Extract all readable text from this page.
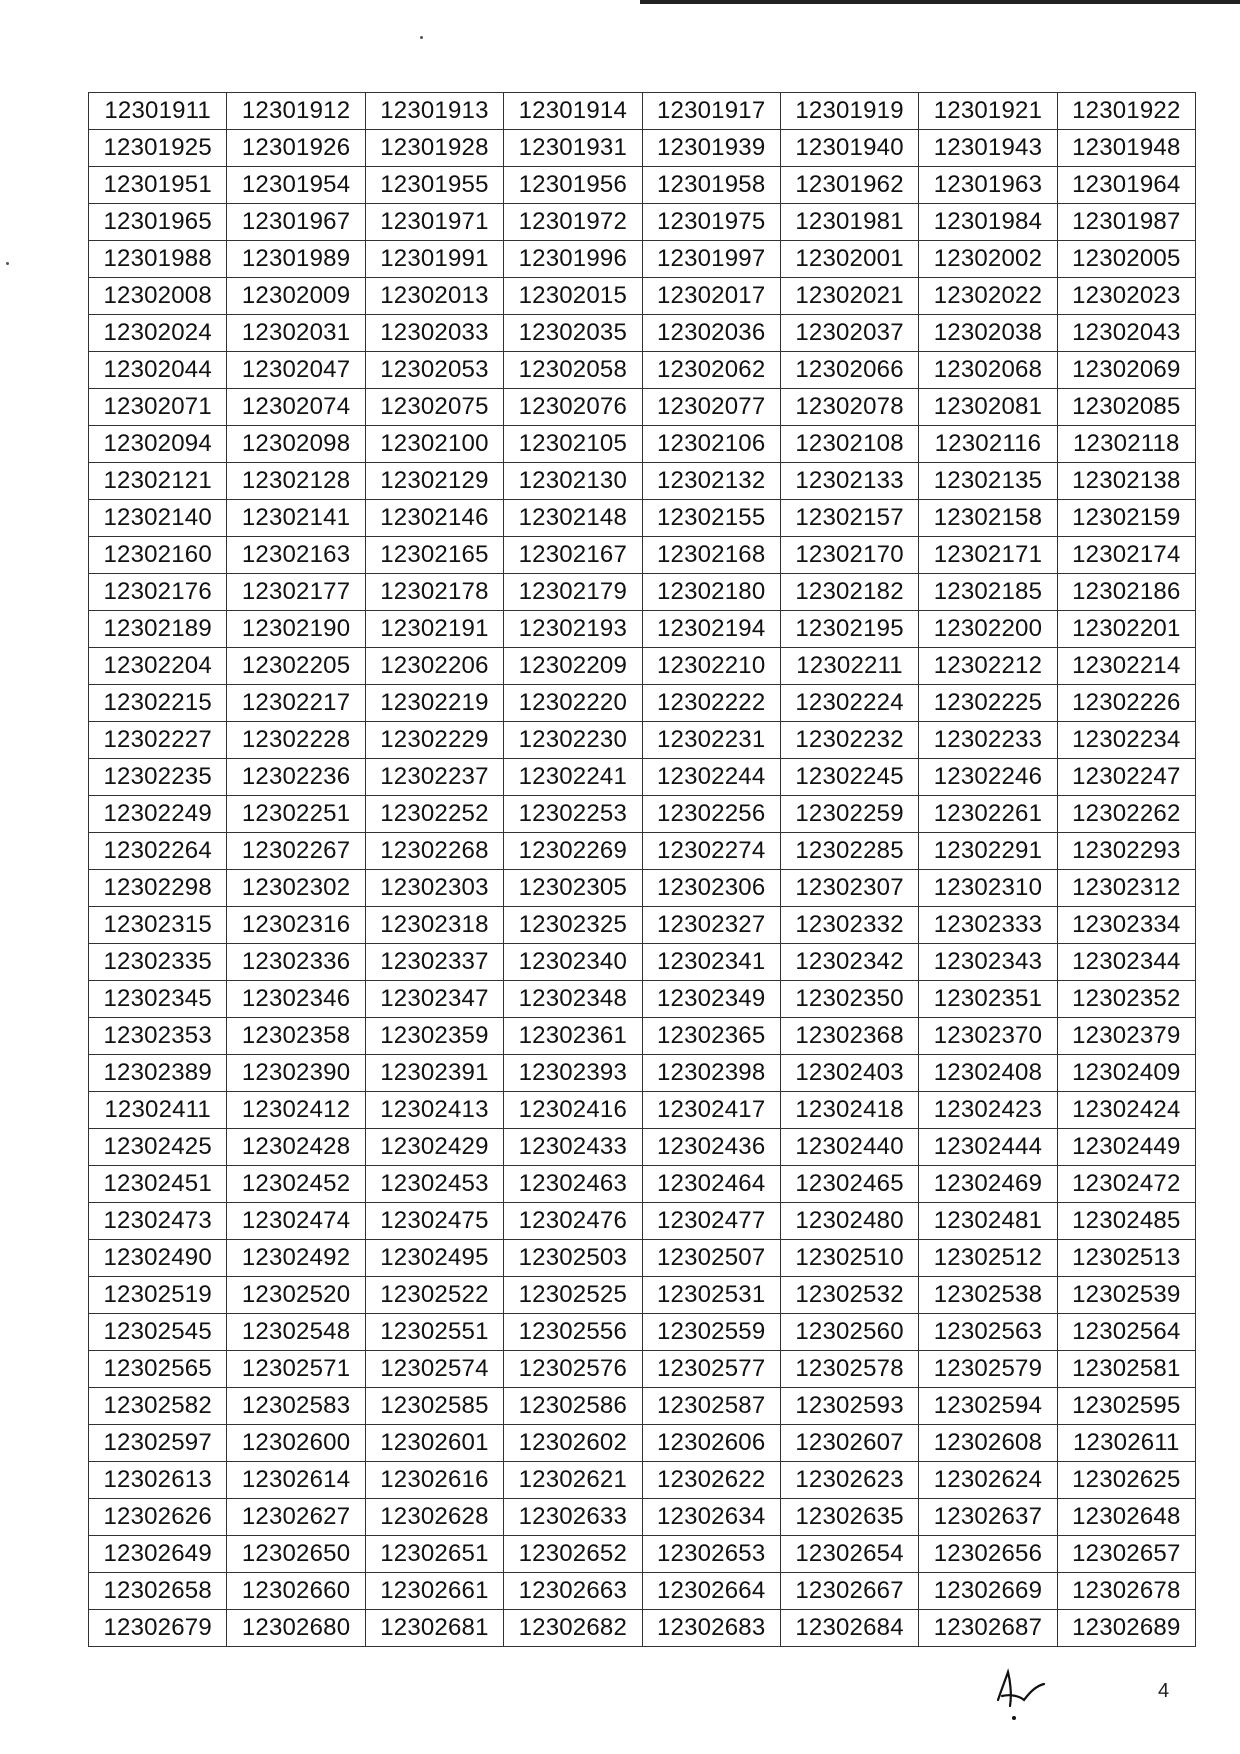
12301911	12301912	12301913	12301914	12301917	12301919	12301921	12301922
12301925	12301926	12301928	12301931	12301939	12301940	12301943	12301948
12301951	12301954	12301955	12301956	12301958	12301962	12301963	12301964
12301965	12301967	12301971	12301972	12301975	12301981	12301984	12301987
12301988	12301989	12301991	12301996	12301997	12302001	12302002	12302005
12302008	12302009	12302013	12302015	12302017	12302021	12302022	12302023
12302024	12302031	12302033	12302035	12302036	12302037	12302038	12302043
12302044	12302047	12302053	12302058	12302062	12302066	12302068	12302069
12302071	12302074	12302075	12302076	12302077	12302078	12302081	12302085
12302094	12302098	12302100	12302105	12302106	12302108	12302116	12302118
12302121	12302128	12302129	12302130	12302132	12302133	12302135	12302138
12302140	12302141	12302146	12302148	12302155	12302157	12302158	12302159
12302160	12302163	12302165	12302167	12302168	12302170	12302171	12302174
12302176	12302177	12302178	12302179	12302180	12302182	12302185	12302186
12302189	12302190	12302191	12302193	12302194	12302195	12302200	12302201
12302204	12302205	12302206	12302209	12302210	12302211	12302212	12302214
12302215	12302217	12302219	12302220	12302222	12302224	12302225	12302226
12302227	12302228	12302229	12302230	12302231	12302232	12302233	12302234
12302235	12302236	12302237	12302241	12302244	12302245	12302246	12302247
12302249	12302251	12302252	12302253	12302256	12302259	12302261	12302262
12302264	12302267	12302268	12302269	12302274	12302285	12302291	12302293
12302298	12302302	12302303	12302305	12302306	12302307	12302310	12302312
12302315	12302316	12302318	12302325	12302327	12302332	12302333	12302334
12302335	12302336	12302337	12302340	12302341	12302342	12302343	12302344
12302345	12302346	12302347	12302348	12302349	12302350	12302351	12302352
12302353	12302358	12302359	12302361	12302365	12302368	12302370	12302379
12302389	12302390	12302391	12302393	12302398	12302403	12302408	12302409
12302411	12302412	12302413	12302416	12302417	12302418	12302423	12302424
12302425	12302428	12302429	12302433	12302436	12302440	12302444	12302449
12302451	12302452	12302453	12302463	12302464	12302465	12302469	12302472
12302473	12302474	12302475	12302476	12302477	12302480	12302481	12302485
12302490	12302492	12302495	12302503	12302507	12302510	12302512	12302513
12302519	12302520	12302522	12302525	12302531	12302532	12302538	12302539
12302545	12302548	12302551	12302556	12302559	12302560	12302563	12302564
12302565	12302571	12302574	12302576	12302577	12302578	12302579	12302581
12302582	12302583	12302585	12302586	12302587	12302593	12302594	12302595
12302597	12302600	12302601	12302602	12302606	12302607	12302608	12302611
12302613	12302614	12302616	12302621	12302622	12302623	12302624	12302625
12302626	12302627	12302628	12302633	12302634	12302635	12302637	12302648
12302649	12302650	12302651	12302652	12302653	12302654	12302656	12302657
12302658	12302660	12302661	12302663	12302664	12302667	12302669	12302678
12302679	12302680	12302681	12302682	12302683	12302684	12302687	12302689
4
